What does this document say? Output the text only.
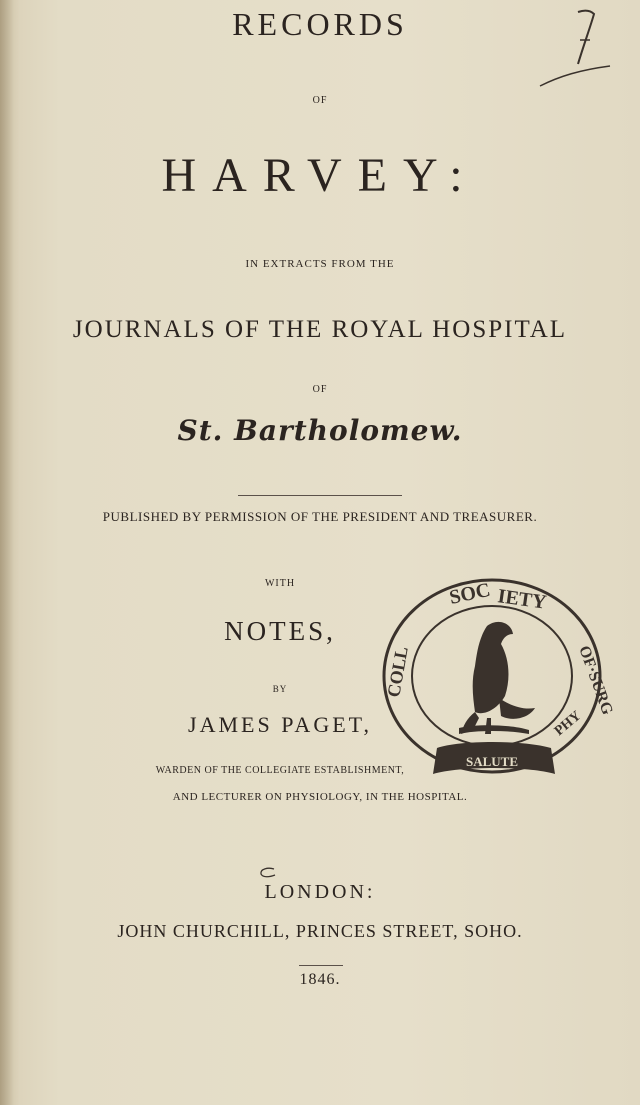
RECORDS
OF
HARVEY:
IN EXTRACTS FROM THE
JOURNALS OF THE ROYAL HOSPITAL
OF
St. Bartholomew.
PUBLISHED BY PERMISSION OF THE PRESIDENT AND TREASURER.
WITH
NOTES,
BY
JAMES PAGET,
WARDEN OF THE COLLEGIATE ESTABLISHMENT,
AND LECTURER ON PHYSIOLOGY, IN THE HOSPITAL.
SOC IETY
COLL	OF·SURG
PHY
SALUTE
LONDON:
JOHN CHURCHILL, PRINCES STREET, SOHO.
1846.
